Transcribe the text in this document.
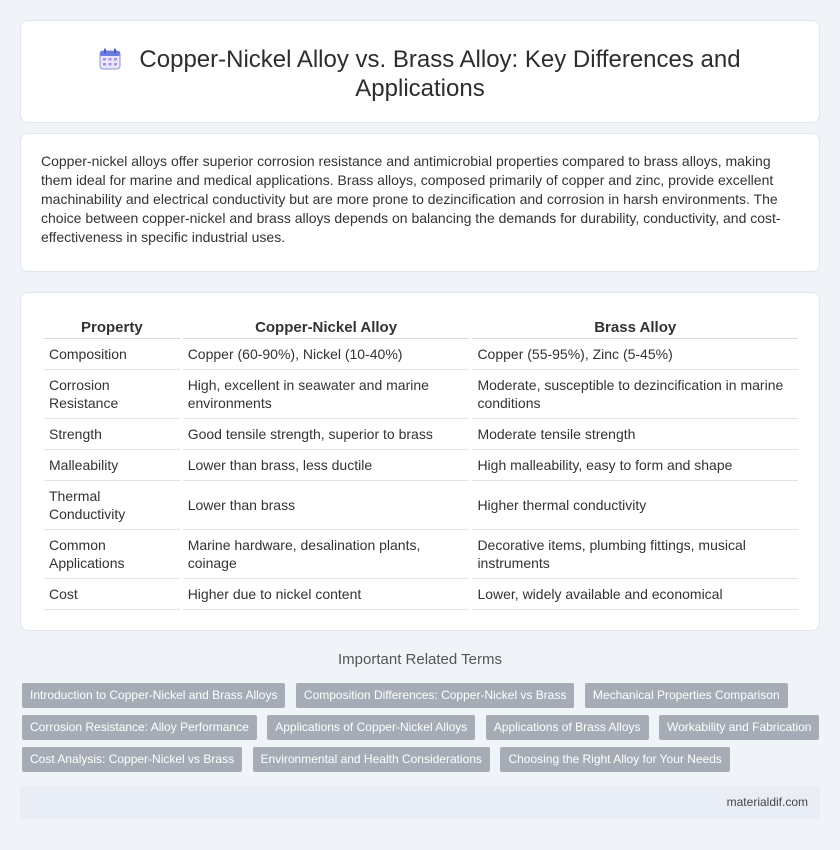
Copper-Nickel Alloy vs. Brass Alloy: Key Differences and Applications

Copper-nickel alloys offer superior corrosion resistance and antimicrobial properties compared to brass alloys, making them ideal for marine and medical applications. Brass alloys, composed primarily of copper and zinc, provide excellent machinability and electrical conductivity but are more prone to dezincification and corrosion in harsh environments. The choice between copper-nickel and brass alloys depends on balancing the demands for durability, conductivity, and cost-effectiveness in specific industrial uses.

Property	Copper-Nickel Alloy	Brass Alloy
Composition	Copper (60-90%), Nickel (10-40%)	Copper (55-95%), Zinc (5-45%)
Corrosion Resistance	High, excellent in seawater and marine environments	Moderate, susceptible to dezincification in marine conditions
Strength	Good tensile strength, superior to brass	Moderate tensile strength
Malleability	Lower than brass, less ductile	High malleability, easy to form and shape
Thermal Conductivity	Lower than brass	Higher thermal conductivity
Common Applications	Marine hardware, desalination plants, coinage	Decorative items, plumbing fittings, musical instruments
Cost	Higher due to nickel content	Lower, widely available and economical
Important Related Terms
Introduction to Copper-Nickel and Brass Alloys Composition Differences: Copper-Nickel vs Brass Mechanical Properties Comparison
Corrosion Resistance: Alloy Performance Applications of Copper-Nickel Alloys Applications of Brass Alloys Workability and Fabrication
Cost Analysis: Copper-Nickel vs Brass Environmental and Health Considerations Choosing the Right Alloy for Your Needs
materialdif.com
